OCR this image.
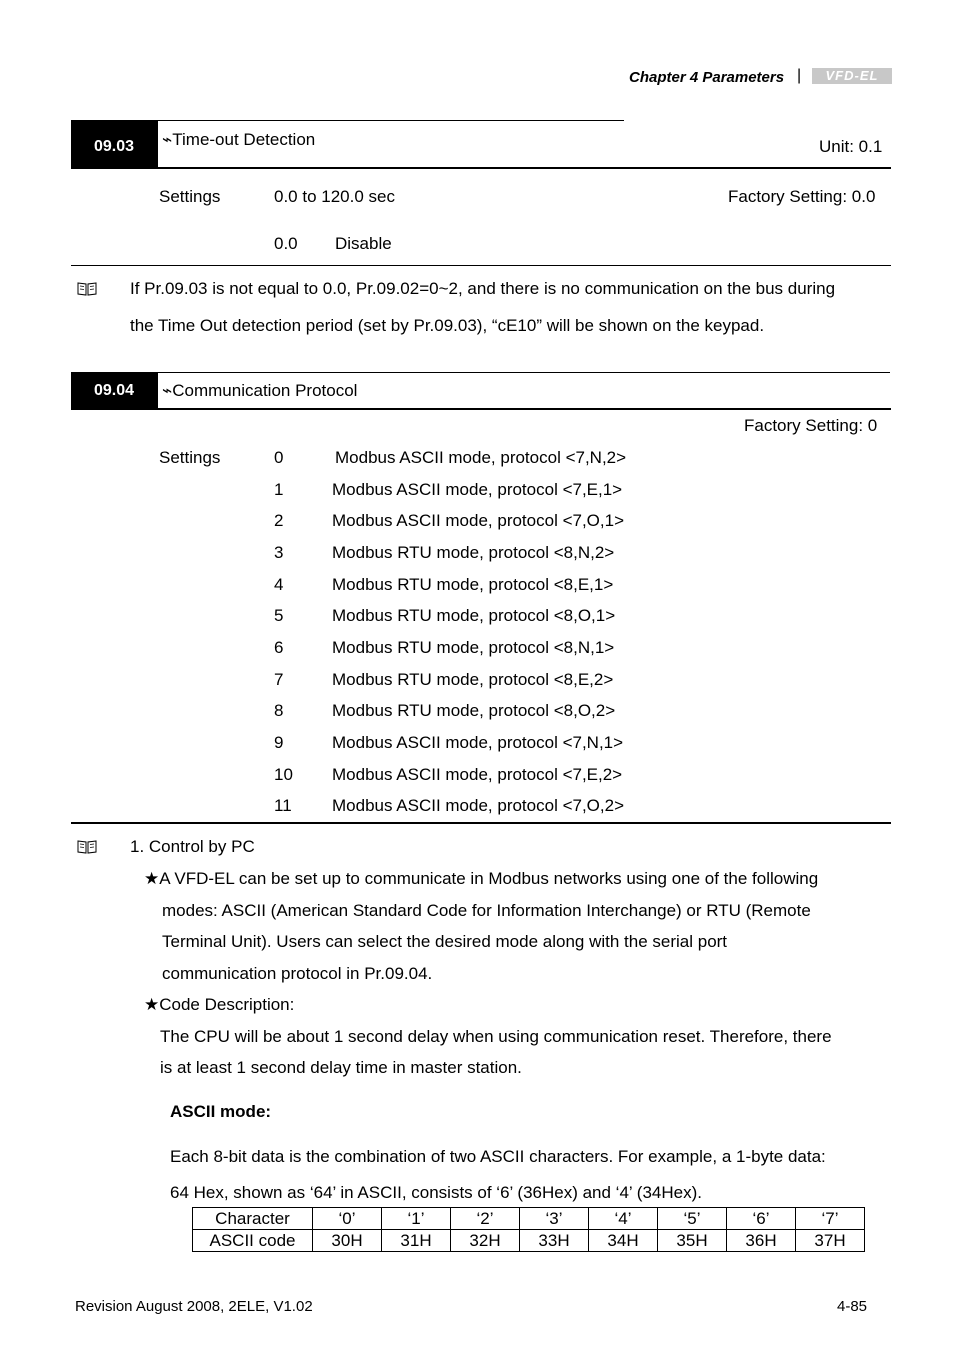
Chapter 4 Parameters |	VFD-EL
09.03	⌁Time-out Detection	Unit: 0.1
Settings	0.0 to 120.0 sec	Factory Setting: 0.0
0.0 Disable
If Pr.09.03 is not equal to 0.0, Pr.09.02=0~2, and there is no communication on the bus during
the Time Out detection period (set by Pr.09.03), “cE10” will be shown on the keypad.
09.04	⌁Communication Protocol
Factory Setting: 0
Settings	0	Modbus ASCII mode, protocol <7,N,2>
1	Modbus ASCII mode, protocol <7,E,1>
2	Modbus ASCII mode, protocol <7,O,1>
3	Modbus RTU mode, protocol <8,N,2>
4	Modbus RTU mode, protocol <8,E,1>
5	Modbus RTU mode, protocol <8,O,1>
6	Modbus RTU mode, protocol <8,N,1>
7	Modbus RTU mode, protocol <8,E,2>
8	Modbus RTU mode, protocol <8,O,2>
9	Modbus ASCII mode, protocol <7,N,1>
10 Modbus ASCII mode, protocol <7,E,2>
11 Modbus ASCII mode, protocol <7,O,2>
1. Control by PC
★A VFD-EL can be set up to communicate in Modbus networks using one of the following
modes: ASCII (American Standard Code for Information Interchange) or RTU (Remote
Terminal Unit). Users can select the desired mode along with the serial port
communication protocol in Pr.09.04.
★Code Description:
The CPU will be about 1 second delay when using communication reset. Therefore, there
is at least 1 second delay time in master station.
ASCII mode:
Each 8-bit data is the combination of two ASCII characters. For example, a 1-byte data:
64 Hex, shown as ‘64’ in ASCII, consists of ‘6’ (36Hex) and ‘4’ (34Hex).
Character	‘0’	‘1’	‘2’	‘3’	‘4’	‘5’	‘6’	‘7’
ASCII code	30H	31H	32H	33H	34H	35H	36H	37H
Revision August 2008, 2ELE, V1.02	4-85
